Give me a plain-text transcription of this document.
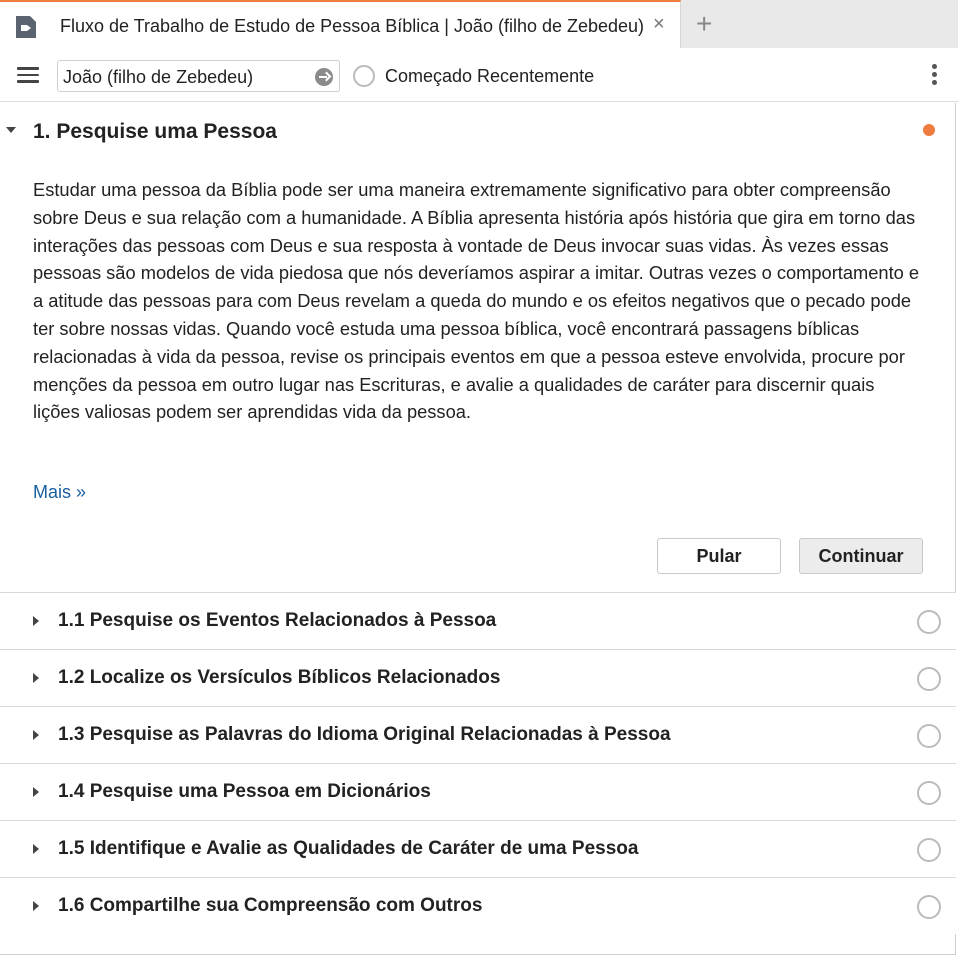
Fluxo de Trabalho de Estudo de Pessoa Bíblica | João (filho de Zebedeu) × +
João (filho de Zebedeu)
Começado Recentemente
1. Pesquise uma Pessoa

Estudar uma pessoa da Bíblia pode ser uma maneira extremamente significativo para obter compreensão sobre Deus e sua relação com a humanidade. A Bíblia apresenta história após história que gira em torno das interações das pessoas com Deus e sua resposta à vontade de Deus invocar suas vidas. Às vezes essas pessoas são modelos de vida piedosa que nós deveríamos aspirar a imitar. Outras vezes o comportamento e a atitude das pessoas para com Deus revelam a queda do mundo e os efeitos negativos que o pecado pode ter sobre nossas vidas. Quando você estuda uma pessoa bíblica, você encontrará passagens bíblicas relacionadas à vida da pessoa, revise os principais eventos em que a pessoa esteve envolvida, procure por menções da pessoa em outro lugar nas Escrituras, e avalie a qualidades de caráter para discernir quais lições valiosas podem ser aprendidas vida da pessoa.

Mais »
Pular	Continuar
1.1 Pesquise os Eventos Relacionados à Pessoa
1.2 Localize os Versículos Bíblicos Relacionados
1.3 Pesquise as Palavras do Idioma Original Relacionadas à Pessoa
1.4 Pesquise uma Pessoa em Dicionários
1.5 Identifique e Avalie as Qualidades de Caráter de uma Pessoa
1.6 Compartilhe sua Compreensão com Outros
